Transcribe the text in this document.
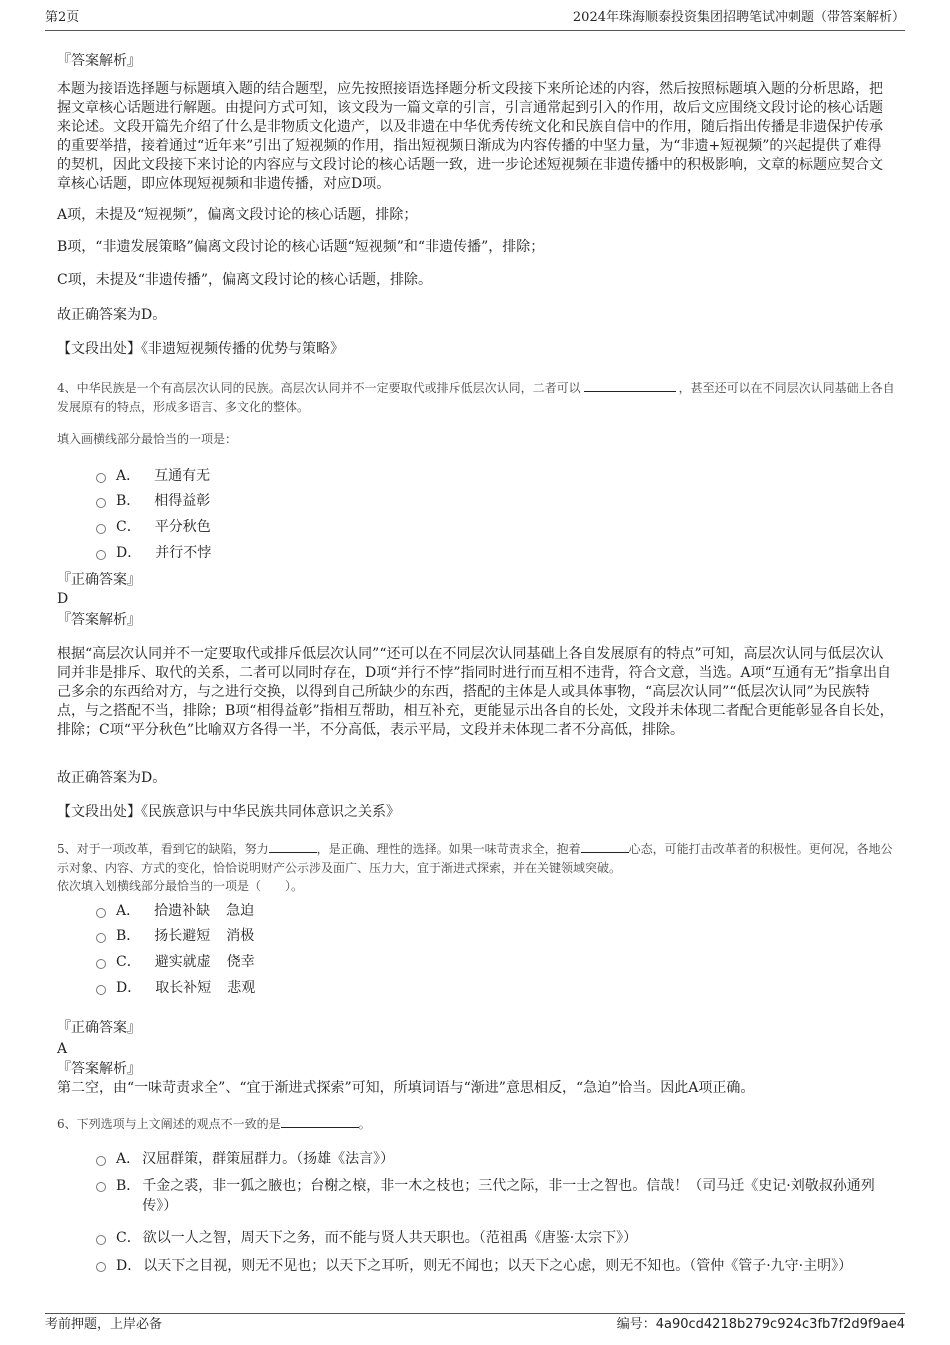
第2页	2024年珠海顺泰投资集团招聘笔试冲刺题（带答案解析）
『答案解析』

本题为接语选择题与标题填入题的结合题型，应先按照接语选择题分析文段接下来所论述的内容，然后按照标题填入题的分析思路，把握文章核心话题进行解题。由提问方式可知，该文段为一篇文章的引言，引言通常起到引入的作用，故后文应围绕文段讨论的核心话题来论述。文段开篇先介绍了什么是非物质文化遗产，以及非遗在中华优秀传统文化和民族自信中的作用，随后指出传播是非遗保护传承的重要举措，接着通过“近年来”引出了短视频的作用，指出短视频日渐成为内容传播的中坚力量，为“非遗+短视频”的兴起提供了难得的契机，因此文段接下来讨论的内容应与文段讨论的核心话题一致，进一步论述短视频在非遗传播中的积极影响，文章的标题应契合文章核心话题，即应体现短视频和非遗传播，对应D项。

A项，未提及“短视频”，偏离文段讨论的核心话题，排除；
B项，“非遗发展策略”偏离文段讨论的核心话题“短视频”和“非遗传播”，排除；
C项，未提及“非遗传播”，偏离文段讨论的核心话题，排除。
故正确答案为D。
【文段出处】《非遗短视频传播的优势与策略》
4、中华民族是一个有高层次认同的民族。高层次认同并不一定要取代或排斥低层次认同，二者可以	，甚至还可以在不同层次认同基础上各自发展原有的特点，形成多语言、多文化的整体。
填入画横线部分最恰当的一项是：
A． 互通有无
B． 相得益彰
C． 平分秋色
D． 并行不悖
『正确答案』
D
『答案解析』

根据“高层次认同并不一定要取代或排斥低层次认同”“还可以在不同层次认同基础上各自发展原有的特点”可知，高层次认同与低层次认同并非是排斥、取代的关系，二者可以同时存在，D项“并行不悖”指同时进行而互相不违背，符合文意，当选。A项“互通有无”指拿出自己多余的东西给对方，与之进行交换，以得到自己所缺少的东西，搭配的主体是人或具体事物，“高层次认同”“低层次认同”为民族特点，与之搭配不当，排除；B项“相得益彰”指相互帮助，相互补充，更能显示出各自的长处，文段并未体现二者配合更能彰显各自长处，排除；C项“平分秋色”比喻双方各得一半，不分高低，表示平局，文段并未体现二者不分高低，排除。

故正确答案为D。
【文段出处】《民族意识与中华民族共同体意识之关系》
5、对于一项改革，看到它的缺陷，努力	，是正确、理性的选择。如果一味苛责求全，抱着	心态，可能打击改革者的积极性。更何况，各地公示对象、内容、方式的变化，恰恰说明财产公示涉及面广、压力大，宜于渐进式探索，并在关键领域突破。
依次填入划横线部分最恰当的一项是（　　）。
A． 拾遗补缺 急迫
B． 扬长避短 消极
C． 避实就虚 侥幸
D． 取长补短 悲观
『正确答案』
A
『答案解析』
第二空，由“一味苛责求全”、“宜于渐进式探索”可知，所填词语与“渐进”意思相反，“急迫”恰当。因此A项正确。
6、下列选项与上文阐述的观点不一致的是	。
A． 汉屈群策，群策屈群力。（扬雄《法言》）
B． 千金之裘，非一狐之腋也；台榭之榱，非一木之枝也；三代之际，非一士之智也。信哉！（司马迁《史记·刘敬叔孙通列传》）
C． 欲以一人之智，周天下之务，而不能与贤人共天职也。（范祖禹《唐鉴·太宗下》）
D． 以天下之目视，则无不见也；以天下之耳听，则无不闻也；以天下之心虑，则无不知也。（管仲《管子·九守·主明》）
考前押题，上岸必备	编号：4a90cd4218b279c924c3fb7f2d9f9ae4
